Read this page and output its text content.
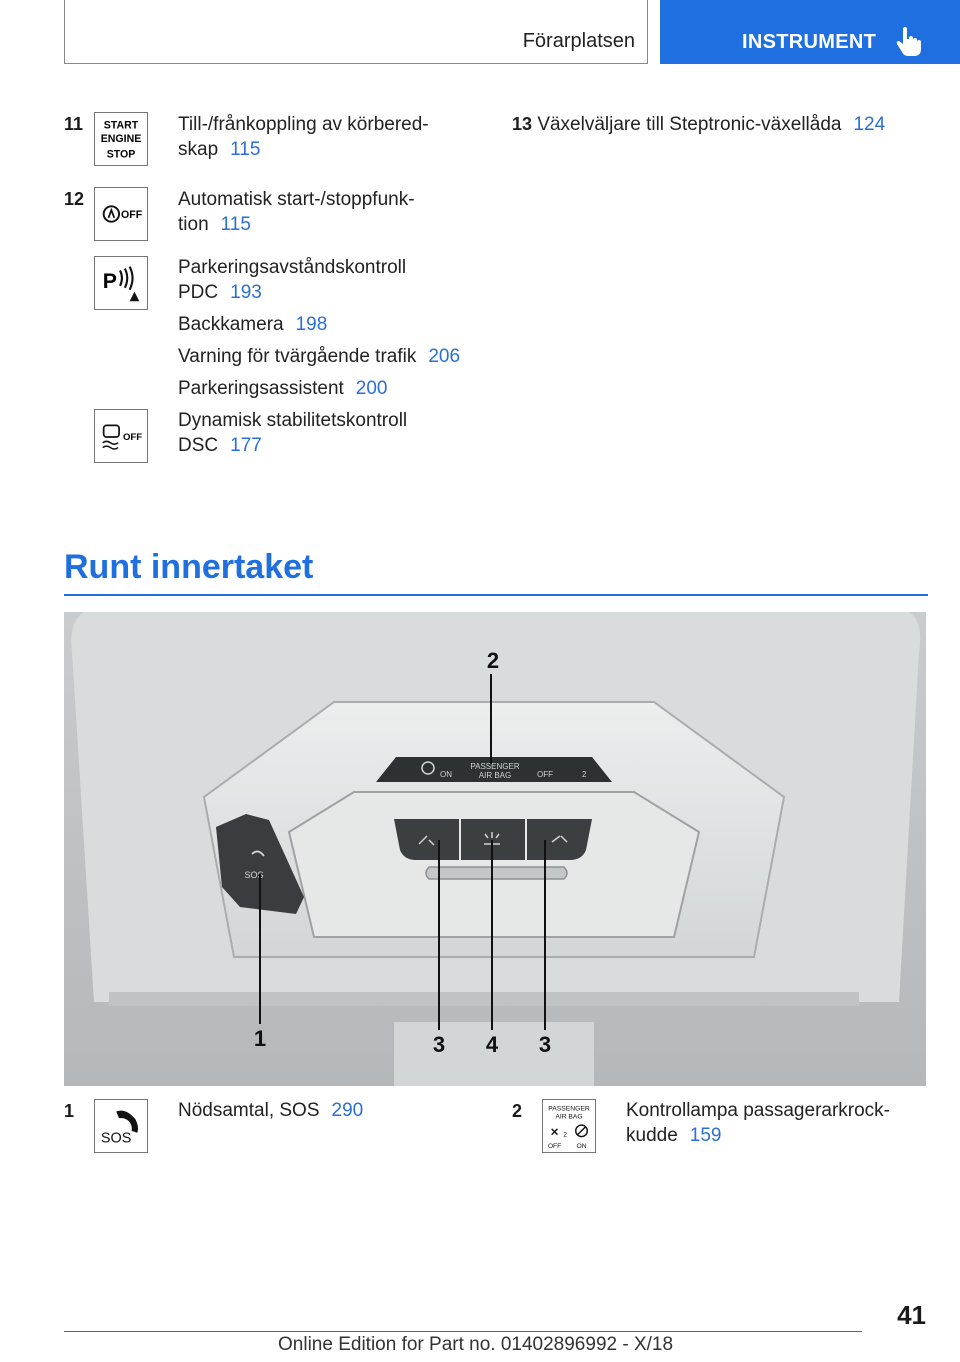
Förarplatsen	INSTRUMENT
11 START
ENGINE
STOP
Till-/frånkoppling av körbered-
skap 115
12
OFF
Automatisk start-/stoppfunk-
tion 115
P
Parkeringsavståndskontroll
PDC 193
Backkamera 198
Varning för tvärgående trafik 206
Parkeringsassistent 200
OFF
Dynamisk stabilitetskontroll
DSC 177
13 Växelväljare till Steptronic-växellåda 124
Runt innertaket
ON
PASSENGER
AIR BAG	OFF	2
SOS
1
2
3 4 3
1
SOS
Nödsamtal, SOS 290	2	PASSENGER
AIR BAG
2
OFF ON
Kontrollampa passagerarkrock-
kudde 159
41
Online Edition for Part no. 01402896992 - X/18
